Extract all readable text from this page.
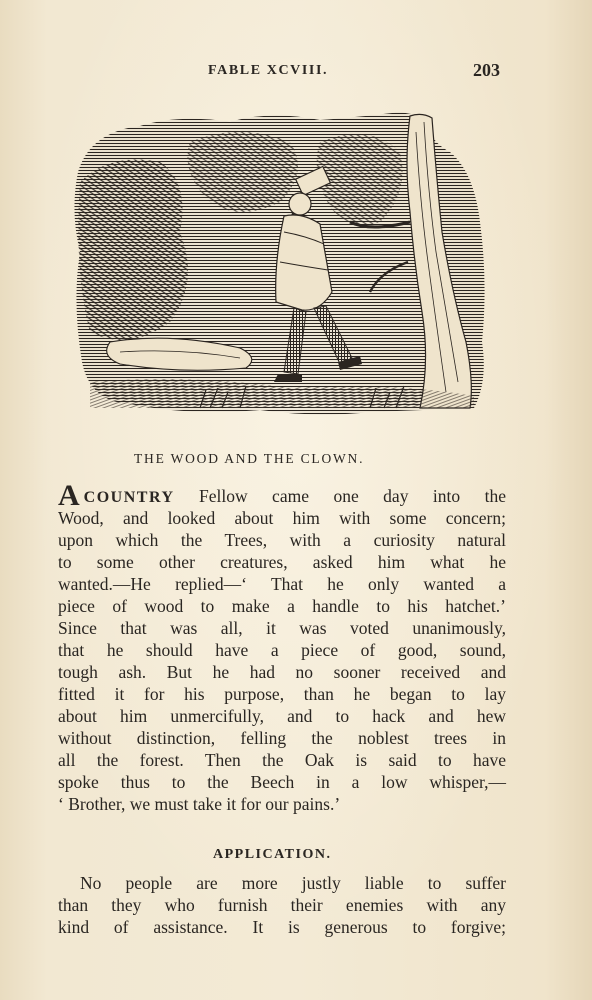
FABLE XCVIII.	203
THE WOOD AND THE CLOWN.
ACOUNTRY Fellow came one day into the
Wood, and looked about him with some concern;
upon which the Trees, with a curiosity natural
to some other creatures, asked him what he
wanted.—He replied—‘ That he only wanted a
piece of wood to make a handle to his hatchet.’
Since that was all, it was voted unanimously,
that he should have a piece of good, sound,
tough ash. But he had no sooner received and
fitted it for his purpose, than he began to lay
about him unmercifully, and to hack and hew
without distinction, felling the noblest trees in
all the forest. Then the Oak is said to have
spoke thus to the Beech in a low whisper,—
‘ Brother, we must take it for our pains.’
APPLICATION.
No people are more justly liable to suffer
than they who furnish their enemies with any
kind of assistance. It is generous to forgive;
